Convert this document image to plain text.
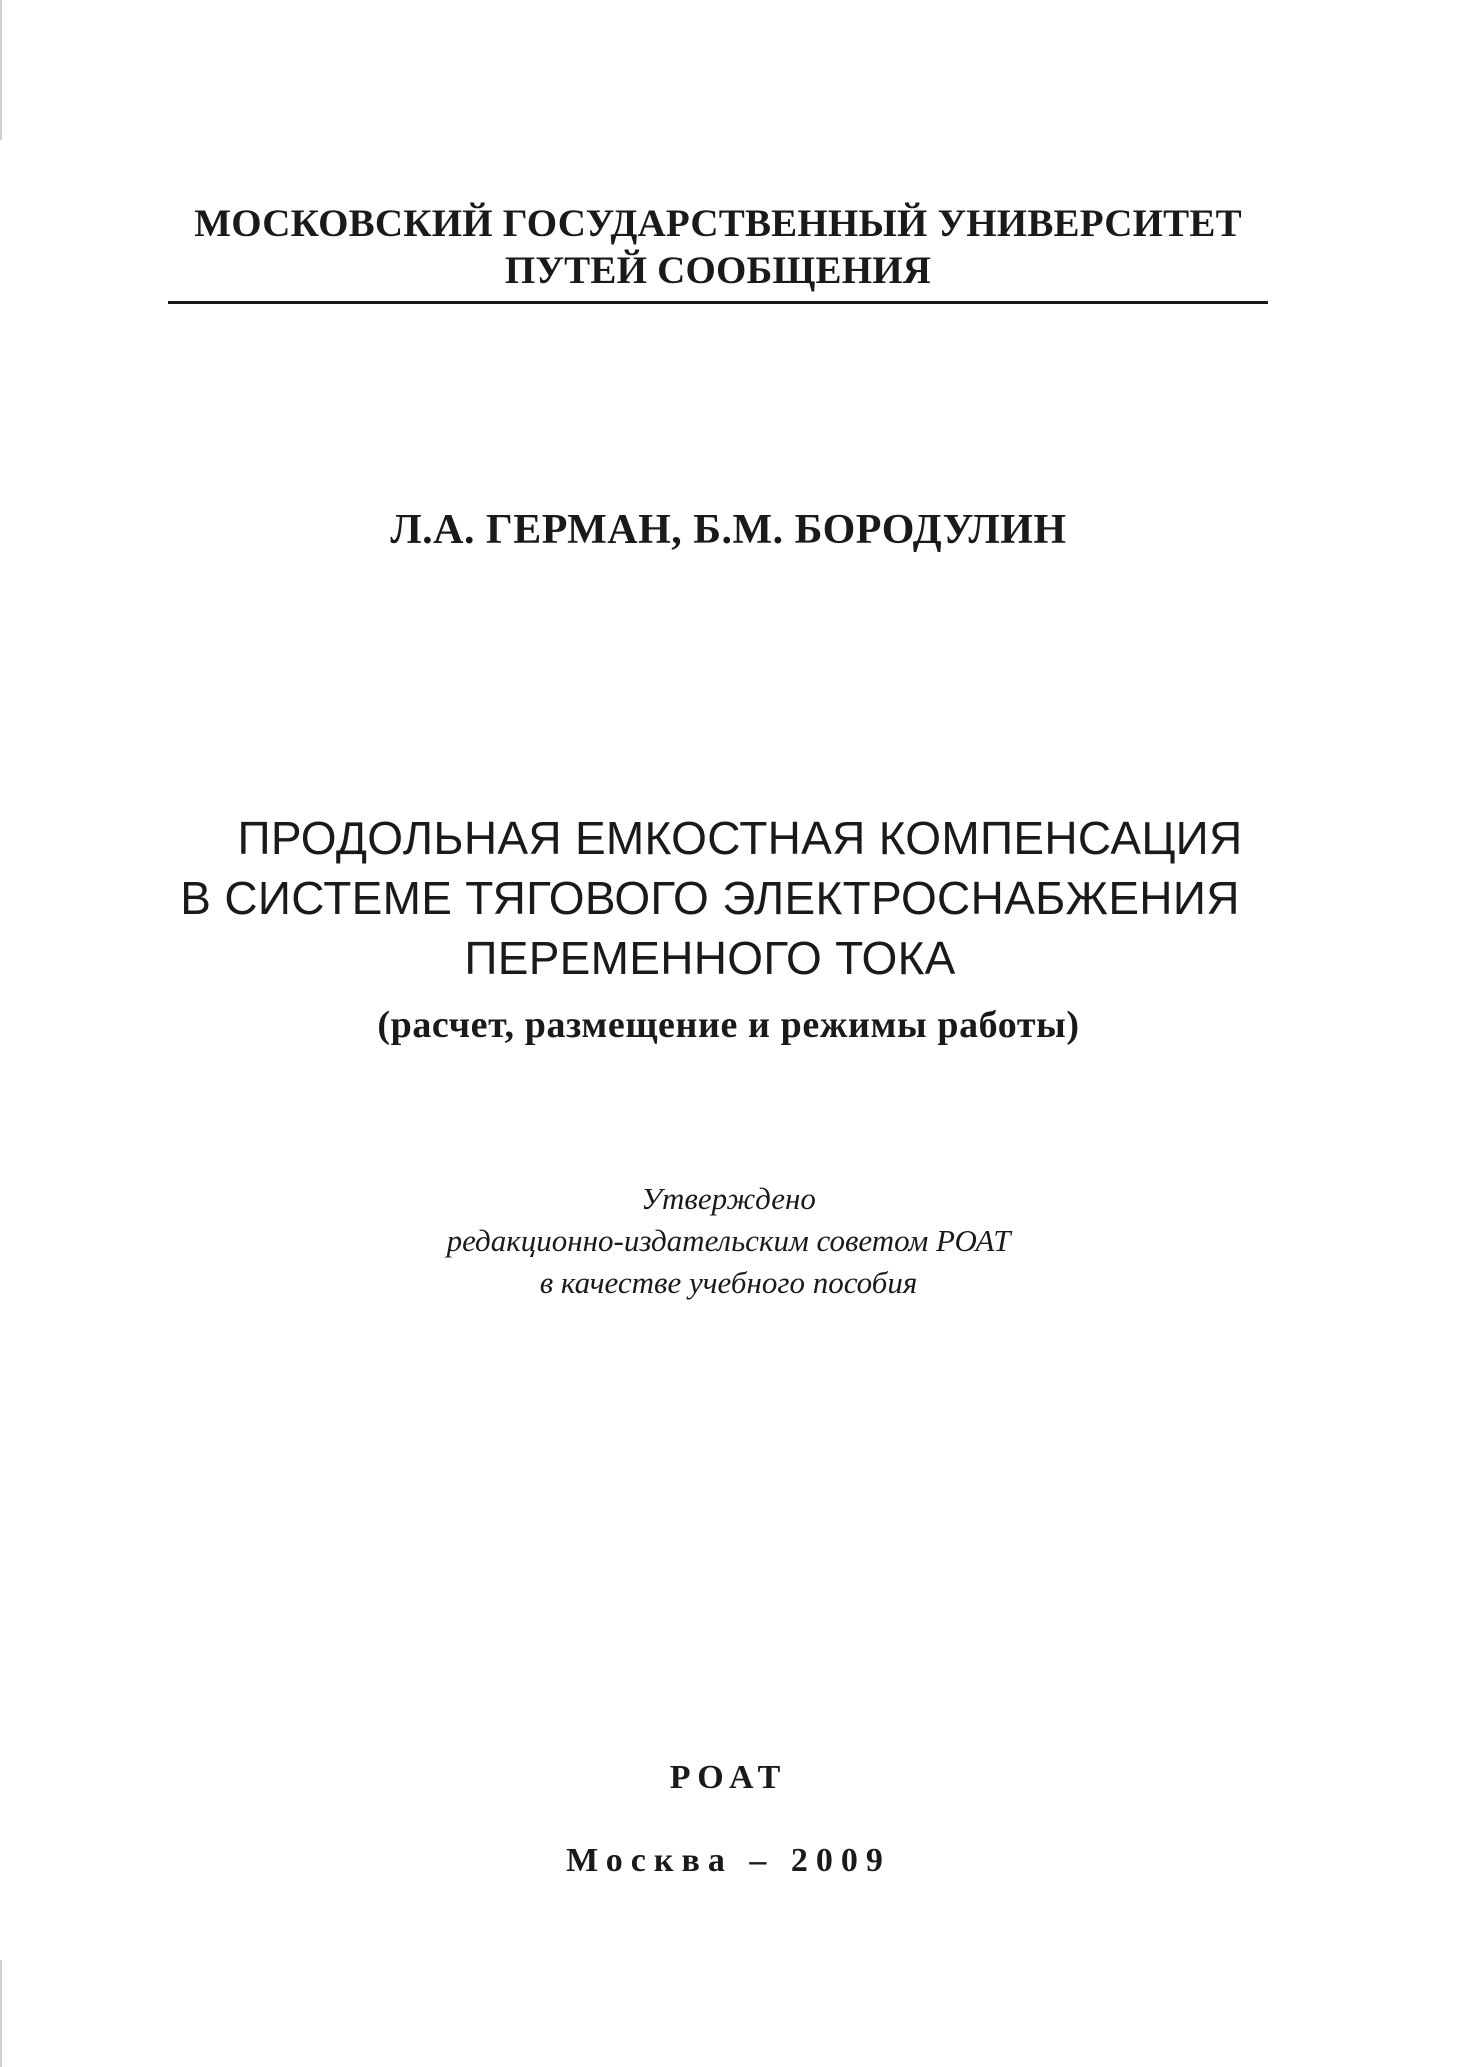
МОСКОВСКИЙ ГОСУДАРСТВЕННЫЙ УНИВЕРСИТЕТ
ПУТЕЙ СООБЩЕНИЯ
Л.А. ГЕРМАН, Б.М. БОРОДУЛИН
ПРОДОЛЬНАЯ ЕМКОСТНАЯ КОМПЕНСАЦИЯ
В СИСТЕМЕ ТЯГОВОГО ЭЛЕКТРОСНАБЖЕНИЯ
ПЕРЕМЕННОГО ТОКА
(расчет, размещение и режимы работы)
Утверждено
редакционно-издательским советом РОАТ
в качестве учебного пособия
РОАТ
Москва – 2009
